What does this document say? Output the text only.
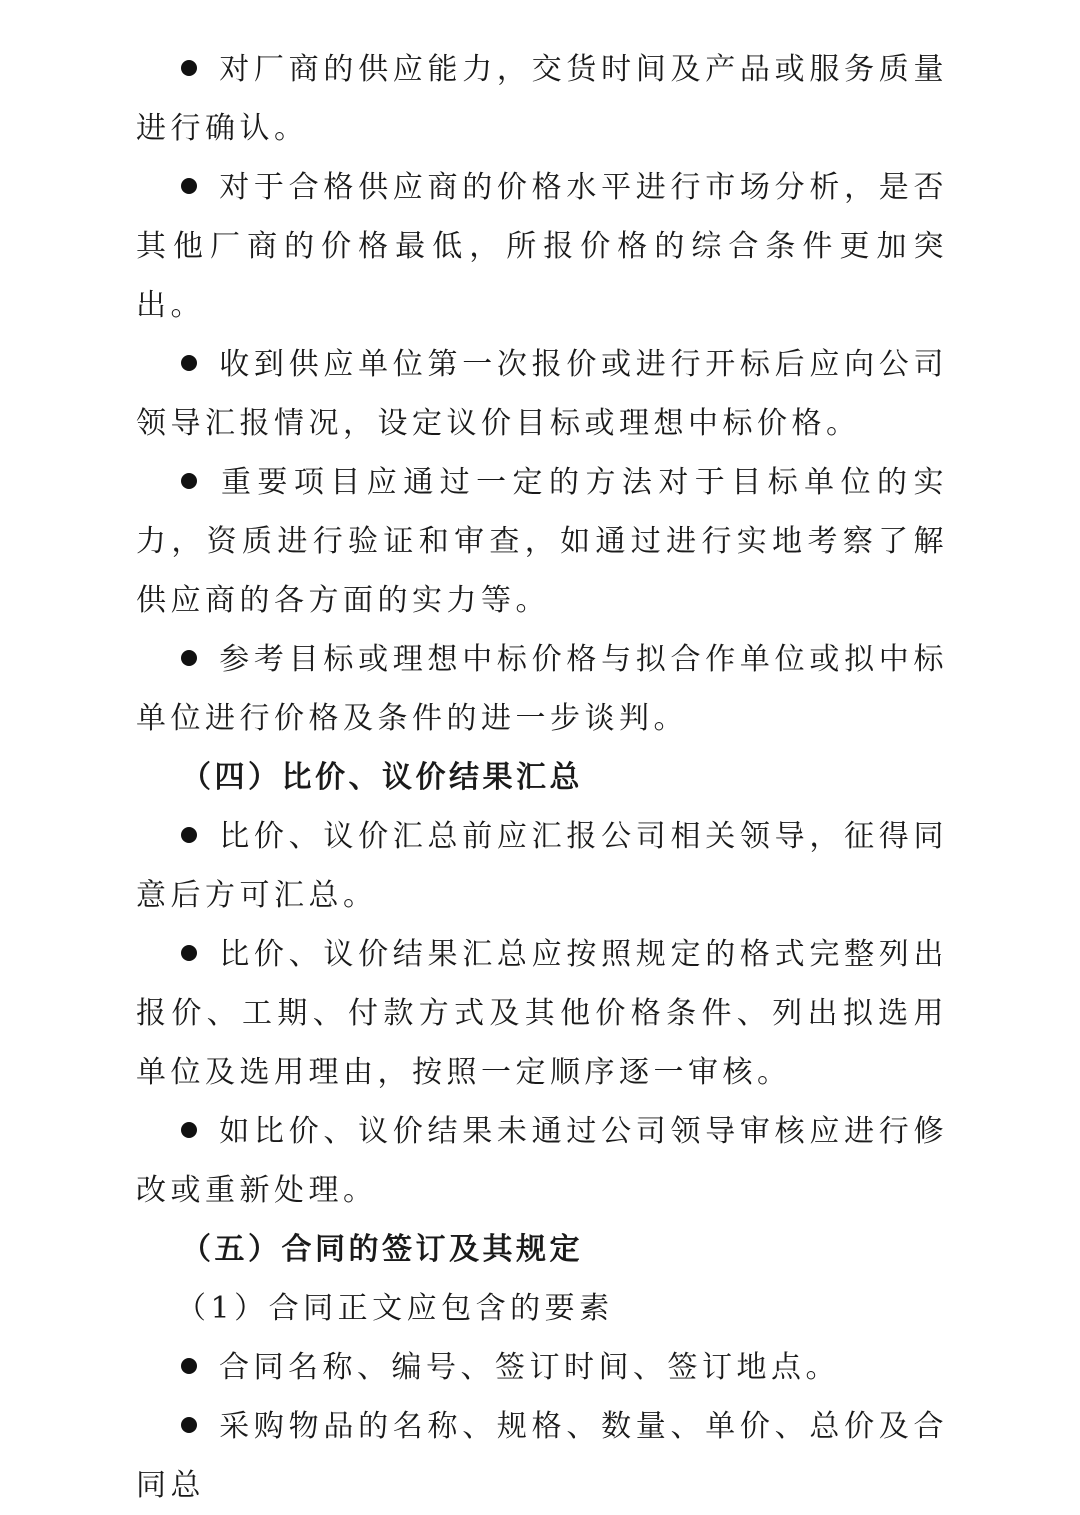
对厂商的供应能力，交货时间及产品或服务质量进行确认。

对于合格供应商的价格水平进行市场分析，是否其他厂商的价格最低，所报价格的综合条件更加突出。

收到供应单位第一次报价或进行开标后应向公司领导汇报情况，设定议价目标或理想中标价格。

重要项目应通过一定的方法对于目标单位的实力，资质进行验证和审查，如通过进行实地考察了解供应商的各方面的实力等。

参考目标或理想中标价格与拟合作单位或拟中标单位进行价格及条件的进一步谈判。

（四）比价、议价结果汇总

比价、议价汇总前应汇报公司相关领导，征得同意后方可汇总。

比价、议价结果汇总应按照规定的格式完整列出报价、工期、付款方式及其他价格条件、列出拟选用单位及选用理由，按照一定顺序逐一审核。

如比价、议价结果未通过公司领导审核应进行修改或重新处理。

（五）合同的签订及其规定

（1）合同正文应包含的要素

合同名称、编号、签订时间、签订地点。

采购物品的名称、规格、数量、单价、总价及合同总
